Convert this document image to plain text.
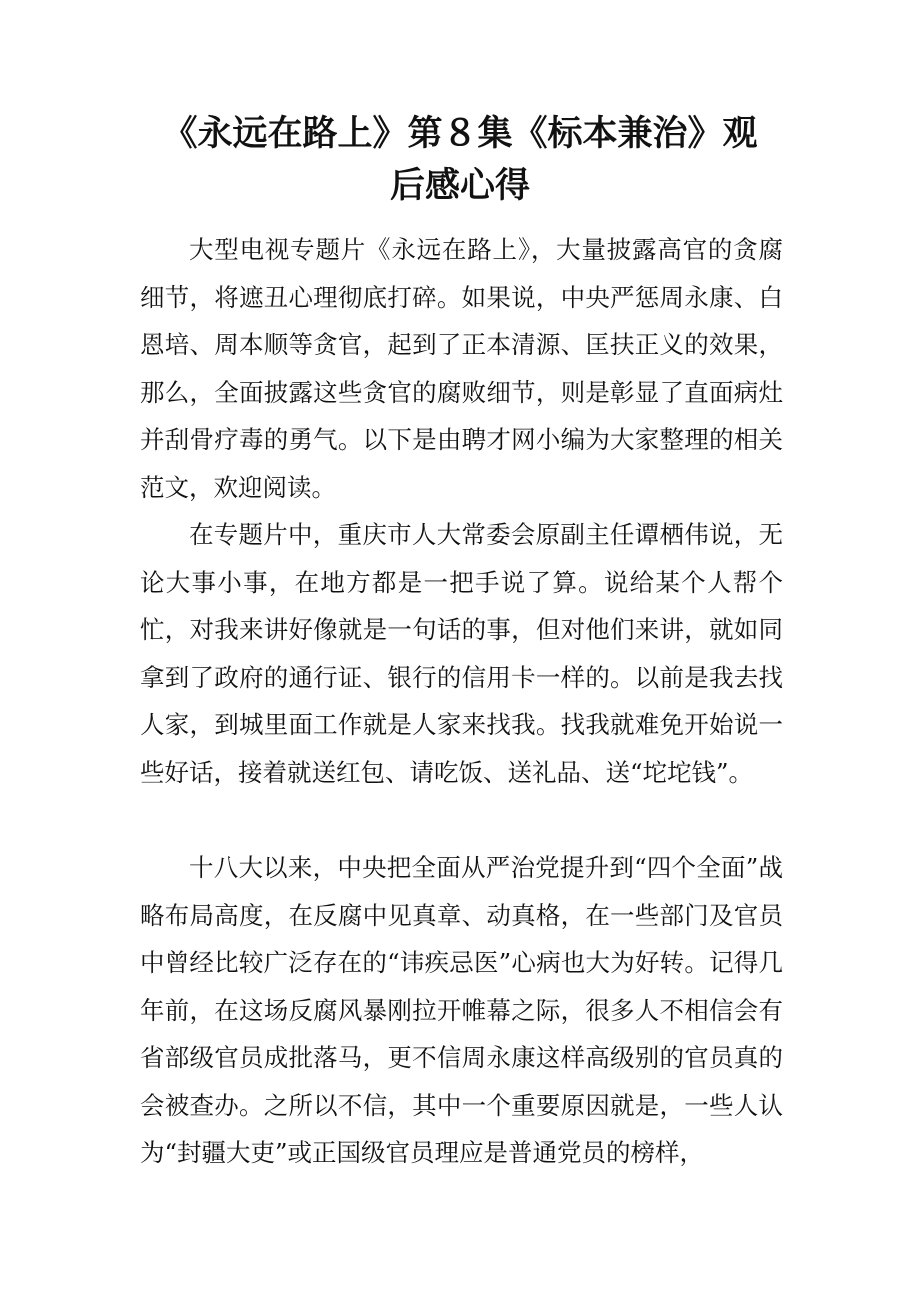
《永远在路上》第８集《标本兼治》观
后感心得

大型电视专题片《永远在路上》，大量披露高官的贪腐细节，将遮丑心理彻底打碎。如果说，中央严惩周永康、白恩培、周本顺等贪官，起到了正本清源、匡扶正义的效果，那么，全面披露这些贪官的腐败细节，则是彰显了直面病灶并刮骨疗毒的勇气。以下是由聘才网小编为大家整理的相关范文，欢迎阅读。

在专题片中，重庆市人大常委会原副主任谭栖伟说，无论大事小事，在地方都是一把手说了算。说给某个人帮个忙，对我来讲好像就是一句话的事，但对他们来讲，就如同拿到了政府的通行证、银行的信用卡一样的。以前是我去找人家，到城里面工作就是人家来找我。找我就难免开始说一些好话，接着就送红包、请吃饭、送礼品、送“坨坨钱”。

十八大以来，中央把全面从严治党提升到“四个全面”战略布局高度，在反腐中见真章、动真格，在一些部门及官员中曾经比较广泛存在的“讳疾忌医”心病也大为好转。记得几年前，在这场反腐风暴刚拉开帷幕之际，很多人不相信会有省部级官员成批落马，更不信周永康这样高级别的官员真的会被查办。之所以不信，其中一个重要原因就是，一些人认为“封疆大吏”或正国级官员理应是普通党员的榜样，
